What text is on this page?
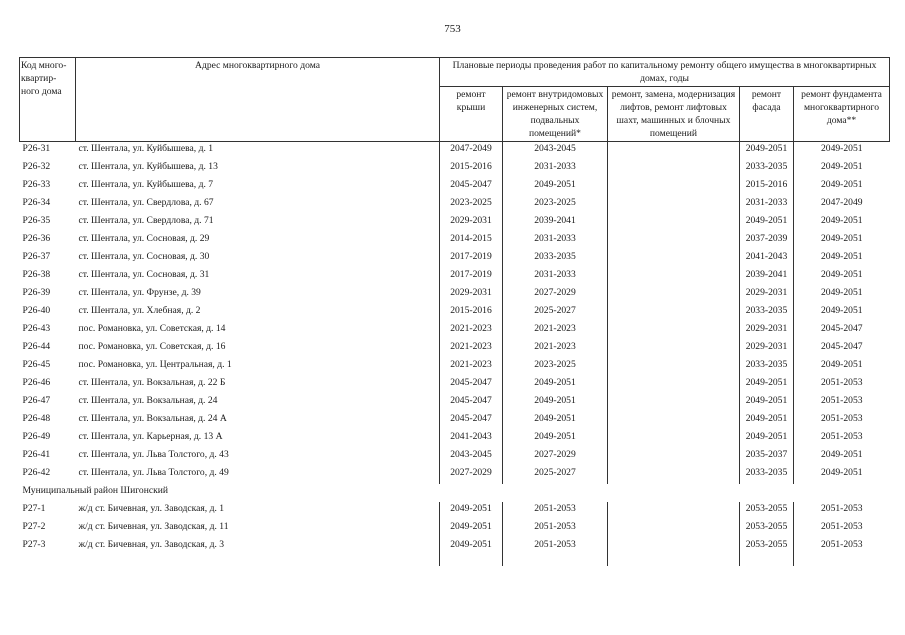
753
Код много-квартир-ного дома	Адрес многоквартирного дома	Плановые периоды проведения работ по капитальному ремонту общего имущества в многоквартирных домах, годы				
		ремонт крыши	ремонт внутридомовых инженерных систем, подвальных помещений*	ремонт, замена, модернизация лифтов, ремонт лифтовых шахт, машинных и блочных помещений	ремонт фасада	ремонт фундамента многоквартирного дома**
Р26-31	ст. Шентала, ул. Куйбышева, д. 1	2047-2049	2043-2045		2049-2051	2049-2051
Р26-32	ст. Шентала, ул. Куйбышева, д. 13	2015-2016	2031-2033		2033-2035	2049-2051
Р26-33	ст. Шентала, ул. Куйбышева, д. 7	2045-2047	2049-2051		2015-2016	2049-2051
Р26-34	ст. Шентала, ул. Свердлова, д. 67	2023-2025	2023-2025		2031-2033	2047-2049
Р26-35	ст. Шентала, ул. Свердлова, д. 71	2029-2031	2039-2041		2049-2051	2049-2051
Р26-36	ст. Шентала, ул. Сосновая, д. 29	2014-2015	2031-2033		2037-2039	2049-2051
Р26-37	ст. Шентала, ул. Сосновая, д. 30	2017-2019	2033-2035		2041-2043	2049-2051
Р26-38	ст. Шентала, ул. Сосновая, д. 31	2017-2019	2031-2033		2039-2041	2049-2051
Р26-39	ст. Шентала, ул. Фрунзе, д. 39	2029-2031	2027-2029		2029-2031	2049-2051
Р26-40	ст. Шентала, ул. Хлебная, д. 2	2015-2016	2025-2027		2033-2035	2049-2051
Р26-43	пос. Романовка, ул. Советская, д. 14	2021-2023	2021-2023		2029-2031	2045-2047
Р26-44	пос. Романовка, ул. Советская, д. 16	2021-2023	2021-2023		2029-2031	2045-2047
Р26-45	пос. Романовка, ул. Центральная, д. 1	2021-2023	2023-2025		2033-2035	2049-2051
Р26-46	ст. Шентала, ул. Вокзальная, д. 22 Б	2045-2047	2049-2051		2049-2051	2051-2053
Р26-47	ст. Шентала, ул. Вокзальная, д. 24	2045-2047	2049-2051		2049-2051	2051-2053
Р26-48	ст. Шентала, ул. Вокзальная, д. 24 А	2045-2047	2049-2051		2049-2051	2051-2053
Р26-49	ст. Шентала, ул. Карьерная, д. 13 А	2041-2043	2049-2051		2049-2051	2051-2053
Р26-41	ст. Шентала, ул. Льва Толстого, д. 43	2043-2045	2027-2029		2035-2037	2049-2051
Р26-42	ст. Шентала, ул. Льва Толстого, д. 49	2027-2029	2025-2027		2033-2035	2049-2051
Муниципальный район Шигонский						
Р27-1	ж/д ст. Бичевная, ул. Заводская, д. 1	2049-2051	2051-2053		2053-2055	2051-2053
Р27-2	ж/д ст. Бичевная, ул. Заводская, д. 11	2049-2051	2051-2053		2053-2055	2051-2053
Р27-3	ж/д ст. Бичевная, ул. Заводская, д. 3	2049-2051	2051-2053		2053-2055	2051-2053
